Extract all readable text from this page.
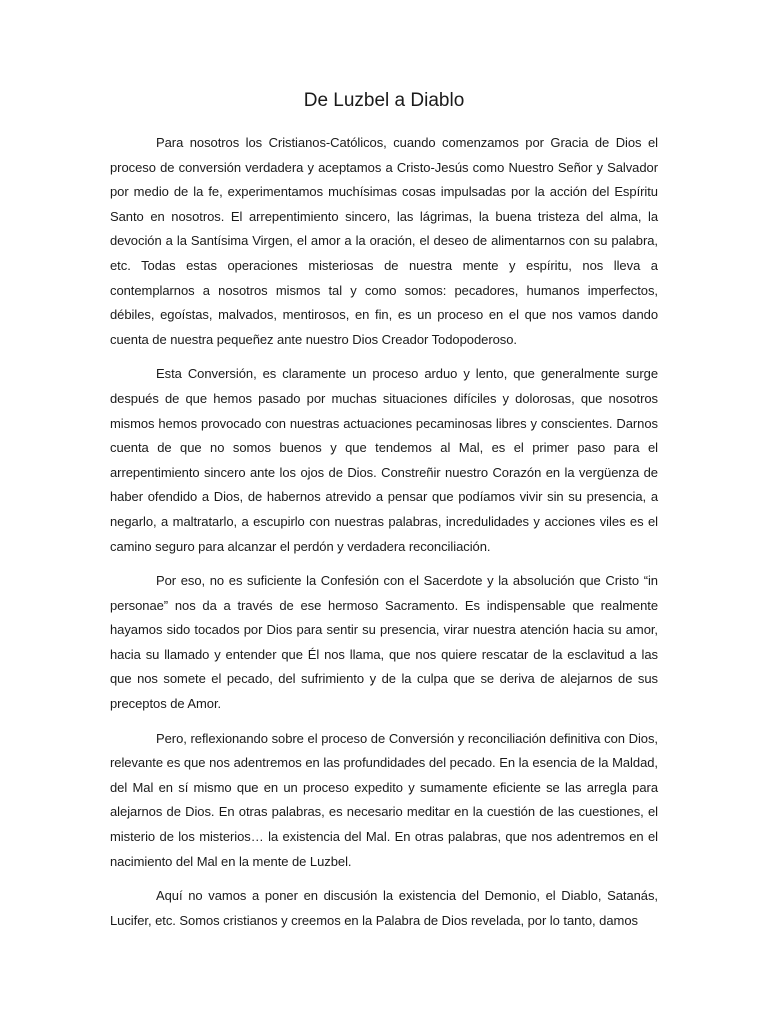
De Luzbel a Diablo

Para nosotros los Cristianos-Católicos, cuando comenzamos por Gracia de Dios el proceso de conversión verdadera y aceptamos a Cristo-Jesús como Nuestro Señor y Salvador por medio de la fe, experimentamos muchísimas cosas impulsadas por la acción del Espíritu Santo en nosotros. El arrepentimiento sincero, las lágrimas, la buena tristeza del alma, la devoción a la Santísima Virgen, el amor a la oración, el deseo de alimentarnos con su palabra, etc. Todas estas operaciones misteriosas de nuestra mente y espíritu, nos lleva a contemplarnos a nosotros mismos tal y como somos: pecadores, humanos imperfectos, débiles, egoístas, malvados, mentirosos, en fin, es un proceso en el que nos vamos dando cuenta de nuestra pequeñez ante nuestro Dios Creador Todopoderoso.

Esta Conversión, es claramente un proceso arduo y lento, que generalmente surge después de que hemos pasado por muchas situaciones difíciles y dolorosas, que nosotros mismos hemos provocado con nuestras actuaciones pecaminosas libres y conscientes. Darnos cuenta de que no somos buenos y que tendemos al Mal, es el primer paso para el arrepentimiento sincero ante los ojos de Dios. Constreñir nuestro Corazón en la vergüenza de haber ofendido a Dios, de habernos atrevido a pensar que podíamos vivir sin su presencia, a negarlo, a maltratarlo, a escupirlo con nuestras palabras, incredulidades y acciones viles es el camino seguro para alcanzar el perdón y verdadera reconciliación.

Por eso, no es suficiente la Confesión con el Sacerdote y la absolución que Cristo “in personae” nos da a través de ese hermoso Sacramento. Es indispensable que realmente hayamos sido tocados por Dios para sentir su presencia, virar nuestra atención hacia su amor, hacia su llamado y entender que Él nos llama, que nos quiere rescatar de la esclavitud a las que nos somete el pecado, del sufrimiento y de la culpa que se deriva de alejarnos de sus preceptos de Amor.

Pero, reflexionando sobre el proceso de Conversión y reconciliación definitiva con Dios, relevante es que nos adentremos en las profundidades del pecado. En la esencia de la Maldad, del Mal en sí mismo que en un proceso expedito y sumamente eficiente se las arregla para alejarnos de Dios. En otras palabras, es necesario meditar en la cuestión de las cuestiones, el misterio de los misterios… la existencia del Mal. En otras palabras, que nos adentremos en el nacimiento del Mal en la mente de Luzbel.

Aquí no vamos a poner en discusión la existencia del Demonio, el Diablo, Satanás, Lucifer, etc. Somos cristianos y creemos en la Palabra de Dios revelada, por lo tanto, damos
